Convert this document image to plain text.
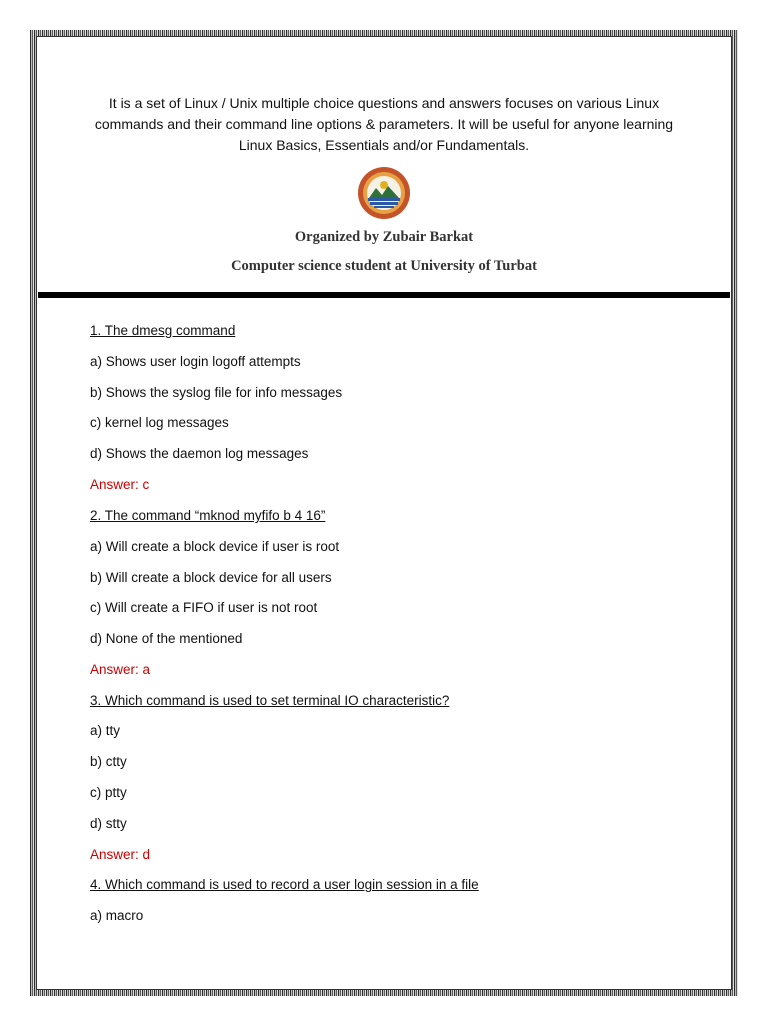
It is a set of Linux / Unix multiple choice questions and answers focuses on various Linux
commands and their command line options & parameters. It will be useful for anyone learning
Linux Basics, Essentials and/or Fundamentals.
Organized by Zubair Barkat
Computer science student at University of Turbat
1. The dmesg command
a) Shows user login logoff attempts
b) Shows the syslog file for info messages
c) kernel log messages
d) Shows the daemon log messages
Answer: c
2. The command “mknod myfifo b 4 16”
a) Will create a block device if user is root
b) Will create a block device for all users
c) Will create a FIFO if user is not root
d) None of the mentioned
Answer: a
3. Which command is used to set terminal IO characteristic?
a) tty
b) ctty
c) ptty
d) stty
Answer: d
4. Which command is used to record a user login session in a file
a) macro
